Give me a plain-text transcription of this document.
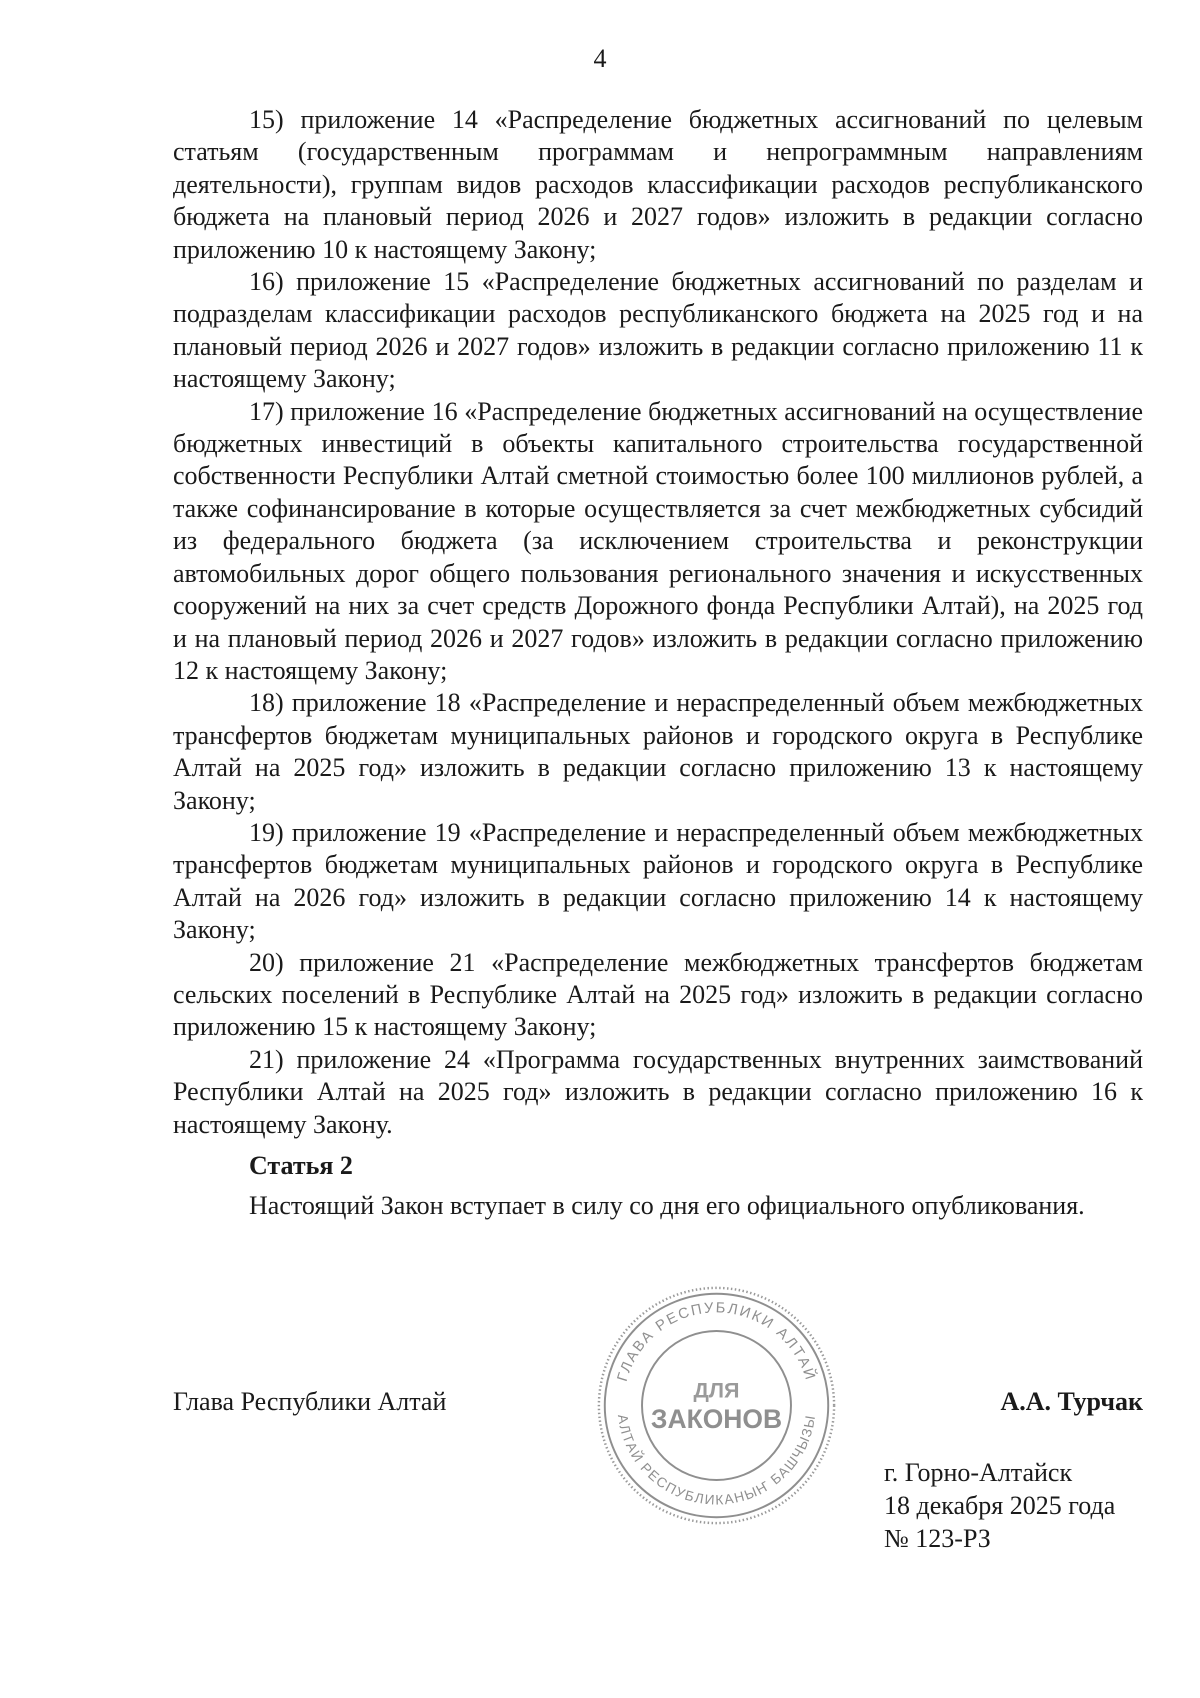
4

15) приложение 14 «Распределение бюджетных ассигнований по целевым статьям (государственным программам и непрограммным направлениям деятельности), группам видов расходов классификации расходов республиканского бюджета на плановый период 2026 и 2027 годов» изложить в редакции согласно приложению 10 к настоящему Закону;

16) приложение 15 «Распределение бюджетных ассигнований по разделам и подразделам классификации расходов республиканского бюджета на 2025 год и на плановый период 2026 и 2027 годов» изложить в редакции согласно приложению 11 к настоящему Закону;

17) приложение 16 «Распределение бюджетных ассигнований на осуществление бюджетных инвестиций в объекты капитального строительства государственной собственности Республики Алтай сметной стоимостью более 100 миллионов рублей, а также софинансирование в которые осуществляется за счет межбюджетных субсидий из федерального бюджета (за исключением строительства и реконструкции автомобильных дорог общего пользования регионального значения и искусственных сооружений на них за счет средств Дорожного фонда Республики Алтай), на 2025 год и на плановый период 2026 и 2027 годов» изложить в редакции согласно приложению 12 к настоящему Закону;

18) приложение 18 «Распределение и нераспределенный объем межбюджетных трансфертов бюджетам муниципальных районов и городского округа в Республике Алтай на 2025 год» изложить в редакции согласно приложению 13 к настоящему Закону;

19) приложение 19 «Распределение и нераспределенный объем межбюджетных трансфертов бюджетам муниципальных районов и городского округа в Республике Алтай на 2026 год» изложить в редакции согласно приложению 14 к настоящему Закону;

20) приложение 21 «Распределение межбюджетных трансфертов бюджетам сельских поселений в Республике Алтай на 2025 год» изложить в редакции согласно приложению 15 к настоящему Закону;

21) приложение 24 «Программа государственных внутренних заимствований Республики Алтай на 2025 год» изложить в редакции согласно приложению 16 к настоящему Закону.

Статья 2

Настоящий Закон вступает в силу со дня его официального опубликования.

Глава Республики Алтай
ГЛАВА РЕСПУБЛИКИ АЛТАЙ
АЛТАЙ РЕСПУБЛИКАНЫҤ БАШЧЫЗЫ
ДЛЯ
ЗАКОНОВ
А.А. Турчак
г. Горно-Алтайск
18 декабря 2025 года
№ 123-РЗ
